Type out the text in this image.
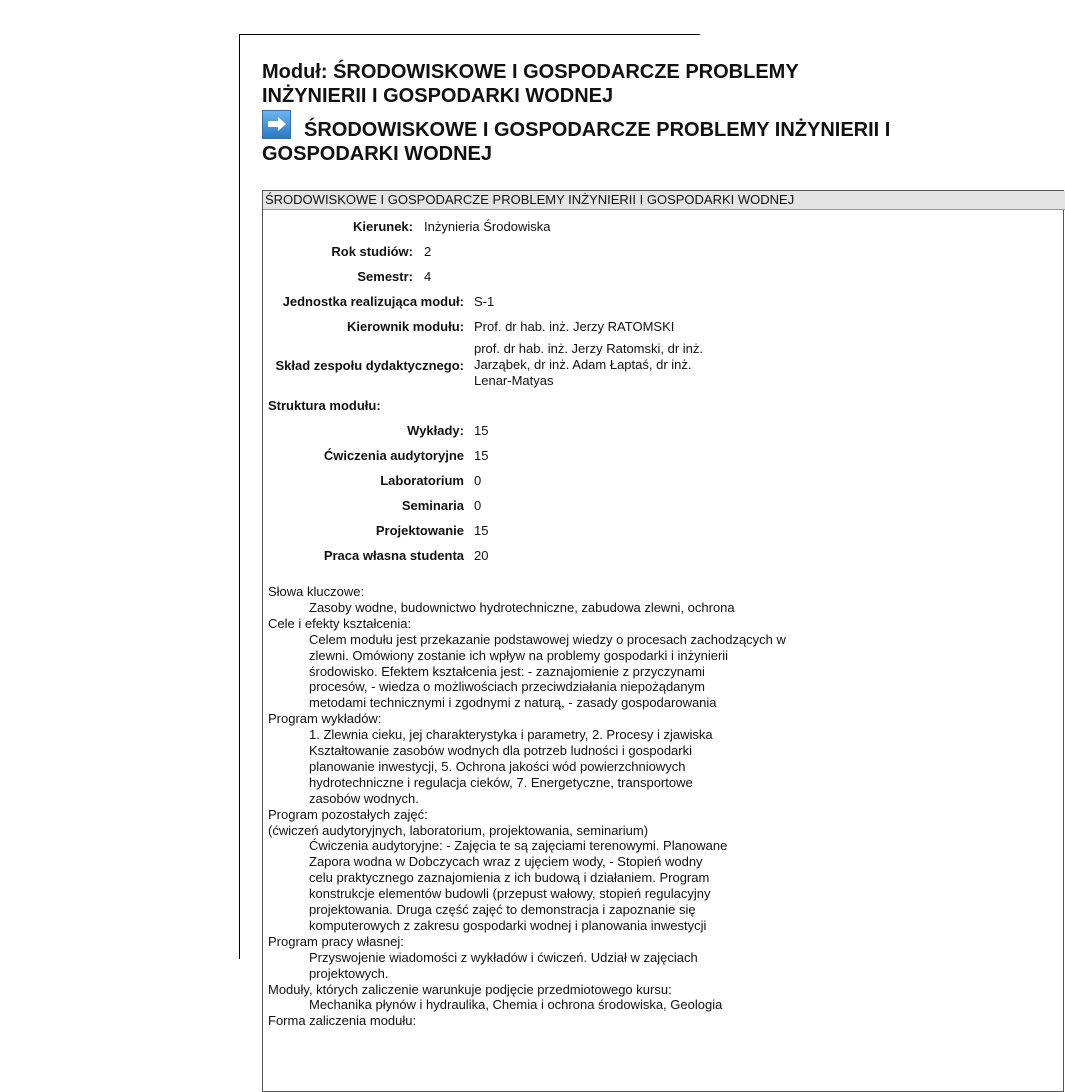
Moduł: ŚRODOWISKOWE I GOSPODARCZE PROBLEMY
INŻYNIERII I GOSPODARKI WODNEJ
ŚRODOWISKOWE I GOSPODARCZE PROBLEMY INŻYNIERII I
GOSPODARKI WODNEJ
ŚRODOWISKOWE I GOSPODARCZE PROBLEMY INŻYNIERII I GOSPODARKI WODNEJ
Kierunek: Inżynieria Środowiska
Rok studiów: 2
Semestr: 4
Jednostka realizująca moduł: S-1
Kierownik modułu: Prof. dr hab. inż. Jerzy RATOMSKI
Skład zespołu dydaktycznego:
prof. dr hab. inż. Jerzy Ratomski, dr inż.
Jarząbek, dr inż. Adam Łaptaś, dr inż.
Lenar-Matyas
Struktura modułu:
Wykłady: 15
Ćwiczenia audytoryjne 15
Laboratorium 0
Seminaria 0
Projektowanie 15
Praca własna studenta 20
Słowa kluczowe:
Zasoby wodne, budownictwo hydrotechniczne, zabudowa zlewni, ochrona
Cele i efekty kształcenia:
Celem modułu jest przekazanie podstawowej wiedzy o procesach zachodzących w
zlewni. Omówiony zostanie ich wpływ na problemy gospodarki i inżynierii
środowisko. Efektem kształcenia jest: - zaznajomienie z przyczynami
procesów, - wiedza o możliwościach przeciwdziałania niepożądanym
metodami technicznymi i zgodnymi z naturą, - zasady gospodarowania
Program wykładów:
1. Zlewnia cieku, jej charakterystyka i parametry, 2. Procesy i zjawiska
Kształtowanie zasobów wodnych dla potrzeb ludności i gospodarki
planowanie inwestycji, 5. Ochrona jakości wód powierzchniowych
hydrotechniczne i regulacja cieków, 7. Energetyczne, transportowe
zasobów wodnych.
Program pozostałych zajęć:
(ćwiczeń audytoryjnych, laboratorium, projektowania, seminarium)
Ćwiczenia audytoryjne: - Zajęcia te są zajęciami terenowymi. Planowane
Zapora wodna w Dobczycach wraz z ujęciem wody, - Stopień wodny
celu praktycznego zaznajomienia z ich budową i działaniem. Program
konstrukcje elementów budowli (przepust wałowy, stopień regulacyjny
projektowania. Druga część zajęć to demonstracja i zapoznanie się
komputerowych z zakresu gospodarki wodnej i planowania inwestycji
Program pracy własnej:
Przyswojenie wiadomości z wykładów i ćwiczeń. Udział w zajęciach
projektowych.
Moduły, których zaliczenie warunkuje podjęcie przedmiotowego kursu:
Mechanika płynów i hydraulika, Chemia i ochrona środowiska, Geologia
Forma zaliczenia modułu:
